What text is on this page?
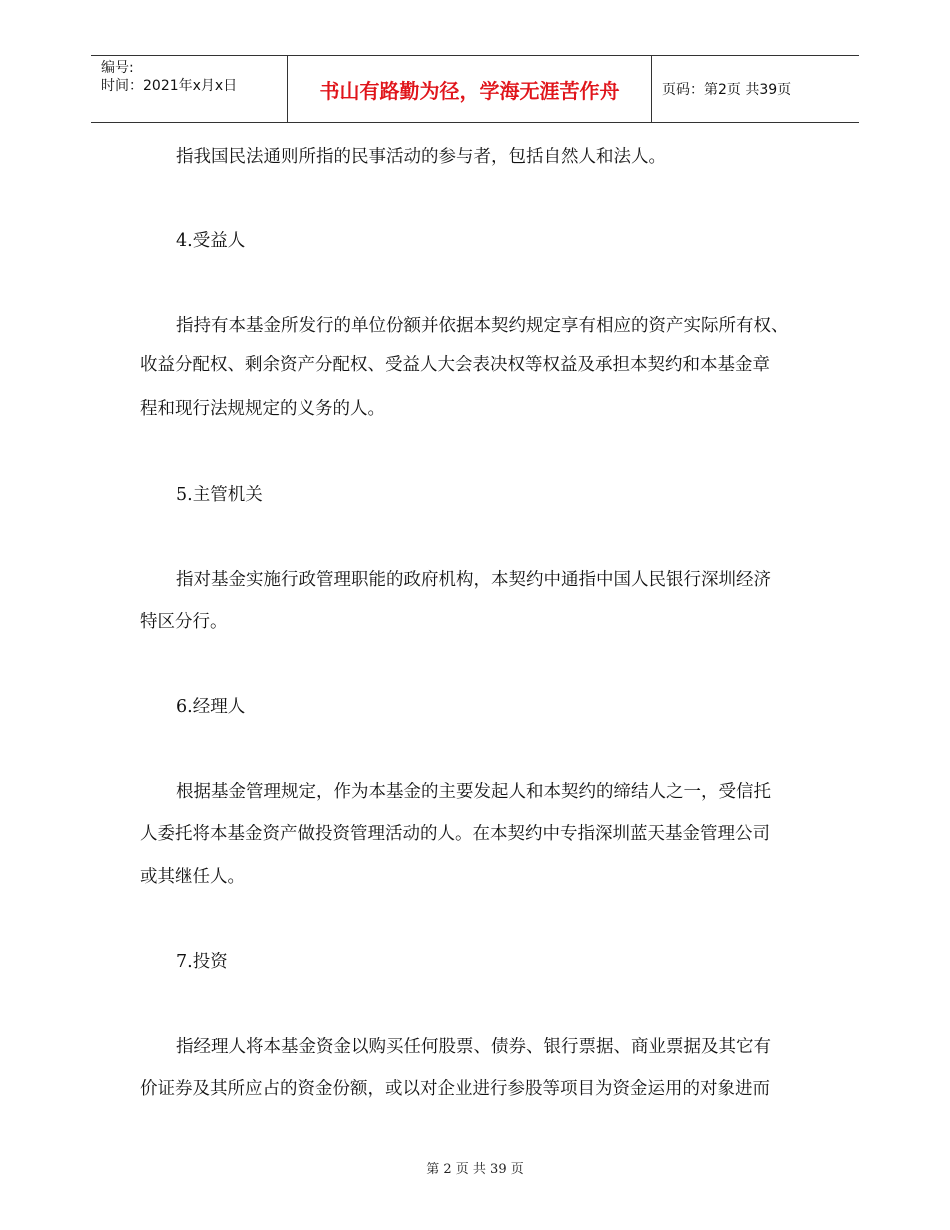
编号:
时间：2021年x月x日	书山有路勤为径，学海无涯苦作舟	页码：第2页 共39页
指我国民法通则所指的民事活动的参与者，包括自然人和法人。
4.受益人
指持有本基金所发行的单位份额并依据本契约规定享有相应的资产实际所有权、
收益分配权、剩余资产分配权、受益人大会表决权等权益及承担本契约和本基金章
程和现行法规规定的义务的人。
5.主管机关
指对基金实施行政管理职能的政府机构，本契约中通指中国人民银行深圳经济
特区分行。
6.经理人
根据基金管理规定，作为本基金的主要发起人和本契约的缔结人之一，受信托
人委托将本基金资产做投资管理活动的人。在本契约中专指深圳蓝天基金管理公司
或其继任人。
7.投资
指经理人将本基金资金以购买任何股票、债券、银行票据、商业票据及其它有
价证券及其所应占的资金份额，或以对企业进行参股等项目为资金运用的对象进而
第 2 页 共 39 页
